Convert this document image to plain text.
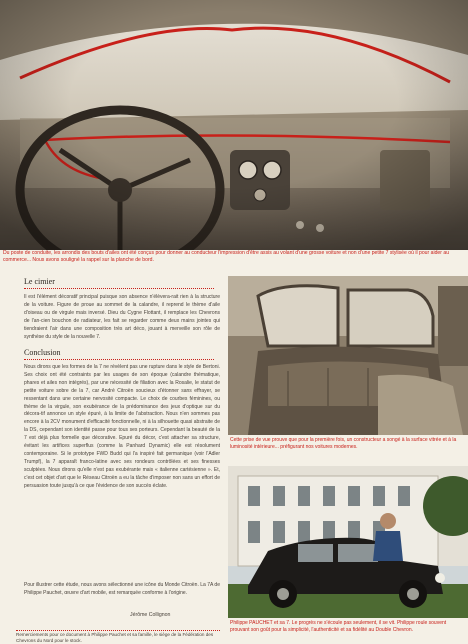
Du poste de conduite, les arrondis des bouts d'ailes ont été conçus pour donner au conducteur l'impression d'être assis au volant d'une grosse voiture et non d'une petite 7 stylisée où il pour aider au commerce... Nous avons souligné la rappel sur la planche de bord.
Le cimier
Il est l'élément décoratif principal puisque son absence n'élèvera-rait rien à la structure de la voiture. Figure de proue au sommet de la calandre, il reprend le thème d'aile d'oiseau ou de virgule mais inversé. Dieu du Cygne Flottant, il remplace les Chevrons de l'an-cien bouchon de radiateur, les fait se regarder comme deux mains jointes qui tiendraient l'air dans une composition très art déco, jouant à merveille son rôle de synthèse du style de la nouvelle 7.
Conclusion
Nous dirons que les formes de la 7 ne révèlent pas une rupture dans le style de Bertoni. Ses choix ont été contraints par les usages de son époque (calandre thématique, phares et ailes non intégrés), par une nécessité de filiation avec la Rosalie, le statut de petite voiture sobre de la 7, car André Citroën soucieux d'étonner sans effrayer, se ressentant dans une certaine nervosité compacte. Le choix de courbes féminines, ou thème de la virgule, son exubérance de la prédominance des jeux d'optique sur du décora-tif annonce un style épuré, à la limite de l'abstraction. Nous n'en sommes pas encore à la 2CV monument d'efficacité fonctionnelle, ni à la silhouette quasi abstraite de la DS, cependant son identité passe pour tous ses porteurs. Cependant la beauté de la 7 est déjà plus formelle que décorative. Epuré du décor, c'est attacher sa structure, évitant les artifices superflus (comme la Panhard Dynamic) elle est résolument contemporaine. Si le prototype FWD Budd qui l'a inspiré fait germanique (voir l'Adler Trumpf), la 7 apparaît franco-latine avec ses rondeurs contrôlées et ses finesses sculptées. Nous dirons qu'elle n'est pas exubérante mais « italienne cartésienne ». Et, c'est cet objet d'art que le Réseau Citroën a eu la tâche d'imposer non sans un effort de persuasion toute jusqu'à ce que l'évidence de son succès éclate.
Pour illustrer cette étude, nous avons sélectionné une icône du Monde Citroën. La 7A de Philippe Pauchet, œuvre d'art mobile, est remarquée conforme à l'origine.
Jérôme Collignon
Remerciements pour ce document à Philippe Pauchet et sa famille, le siège de la Fédération des Chevrons du Nord pour le stock.
Cette prise de vue prouve que pour la première fois, un constructeur a songé à la surface vitrée et à la luminosité intérieure... préfigurant nos voitures modernes.
Philippe PAUCHET et sa 7. Le progrès ne s'écoule pas seulement, il se vit. Philippe roule souvent prouvant son goût pour la simplicité, l'authenticité et sa fidélité au Double Chevron.
